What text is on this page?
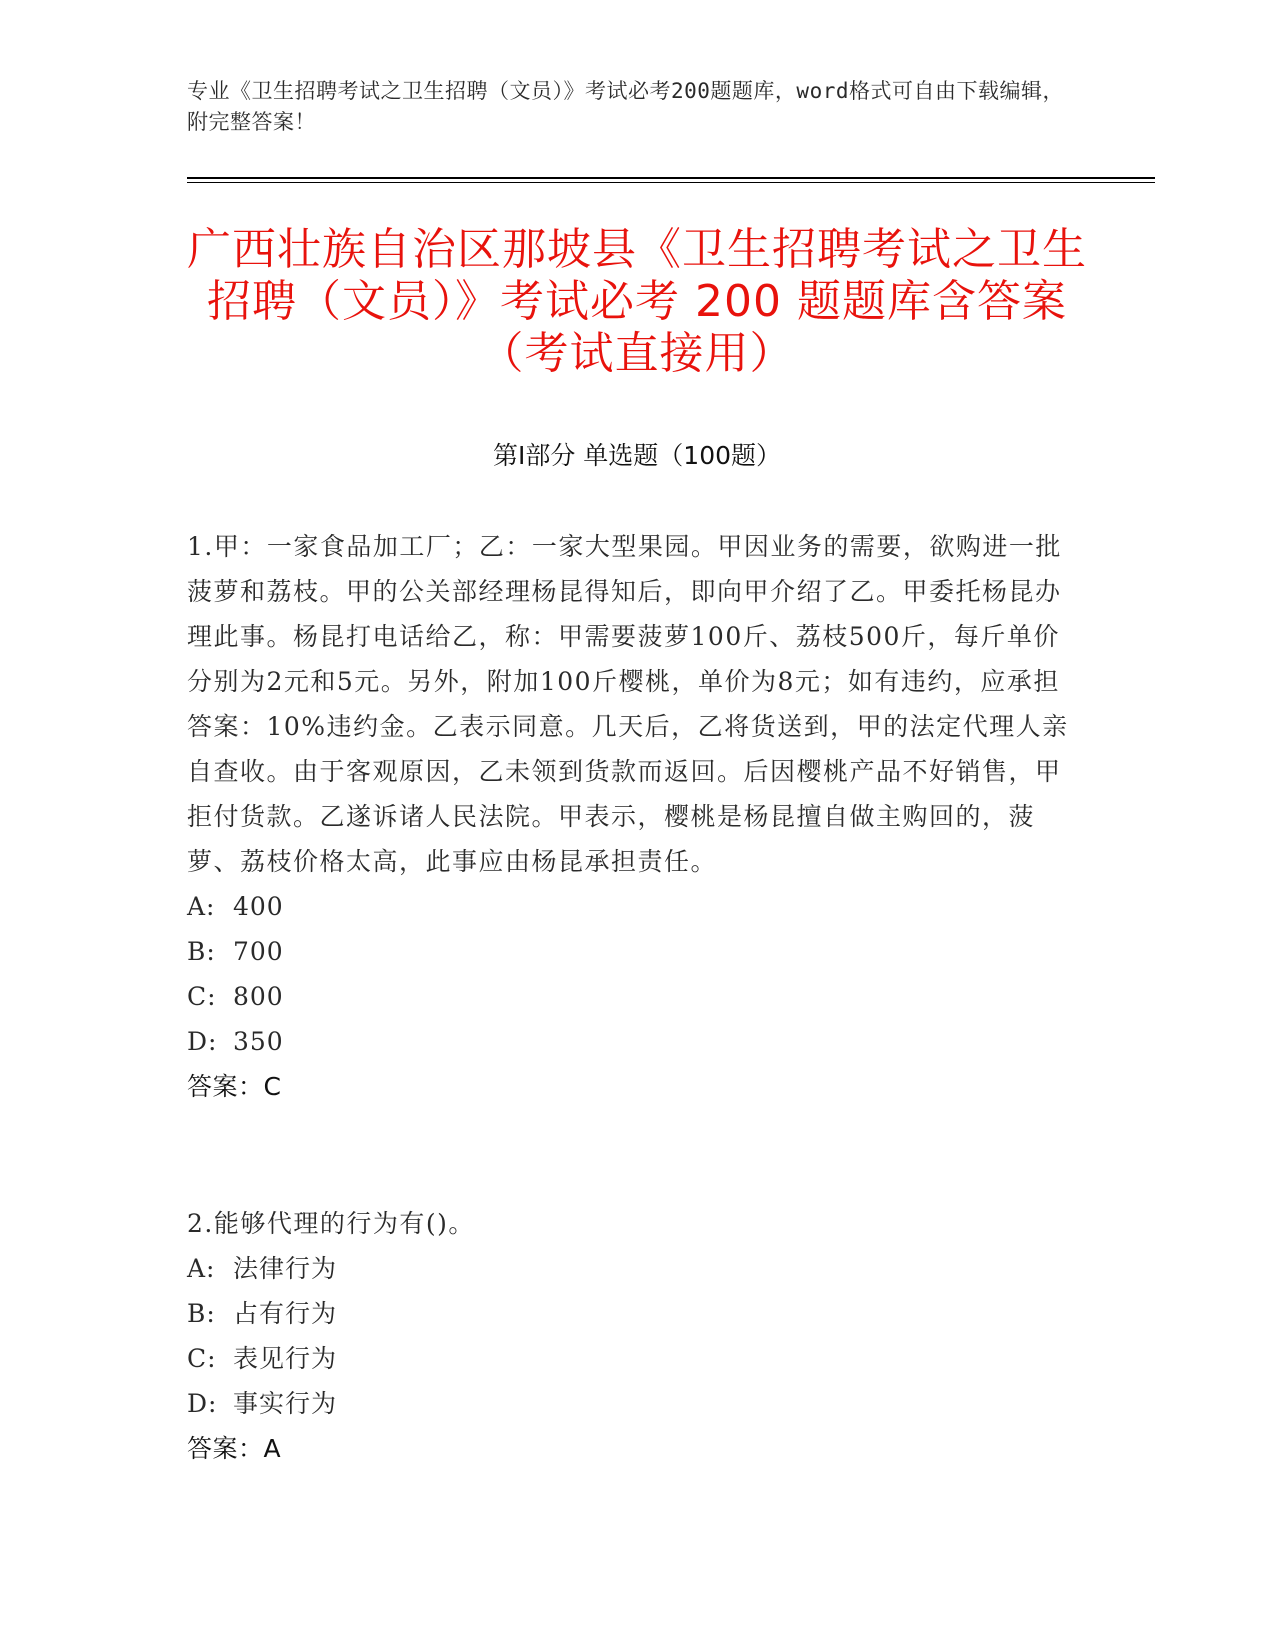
专业《卫生招聘考试之卫生招聘（文员）》考试必考200题题库，word格式可自由下载编辑，附完整答案！
广西壮族自治区那坡县《卫生招聘考试之卫生招聘（文员）》考试必考 200 题题库含答案（考试直接用）
第Ⅰ部分 单选题（100题）

1.甲：一家食品加工厂；乙：一家大型果园。甲因业务的需要，欲购进一批菠萝和荔枝。甲的公关部经理杨昆得知后，即向甲介绍了乙。甲委托杨昆办理此事。杨昆打电话给乙，称：甲需要菠萝100斤、荔枝500斤，每斤单价分别为2元和5元。另外，附加100斤樱桃，单价为8元；如有违约，应承担答案：10%违约金。乙表示同意。几天后，乙将货送到，甲的法定代理人亲自查收。由于客观原因，乙未领到货款而返回。后因樱桃产品不好销售，甲拒付货款。乙遂诉诸人民法院。甲表示，樱桃是杨昆擅自做主购回的，菠萝、荔枝价格太高，此事应由杨昆承担责任。

A: 400

B: 700

C: 800

D: 350

答案：C

2.能够代理的行为有()。

A: 法律行为

B: 占有行为

C: 表见行为

D: 事实行为

答案：A
